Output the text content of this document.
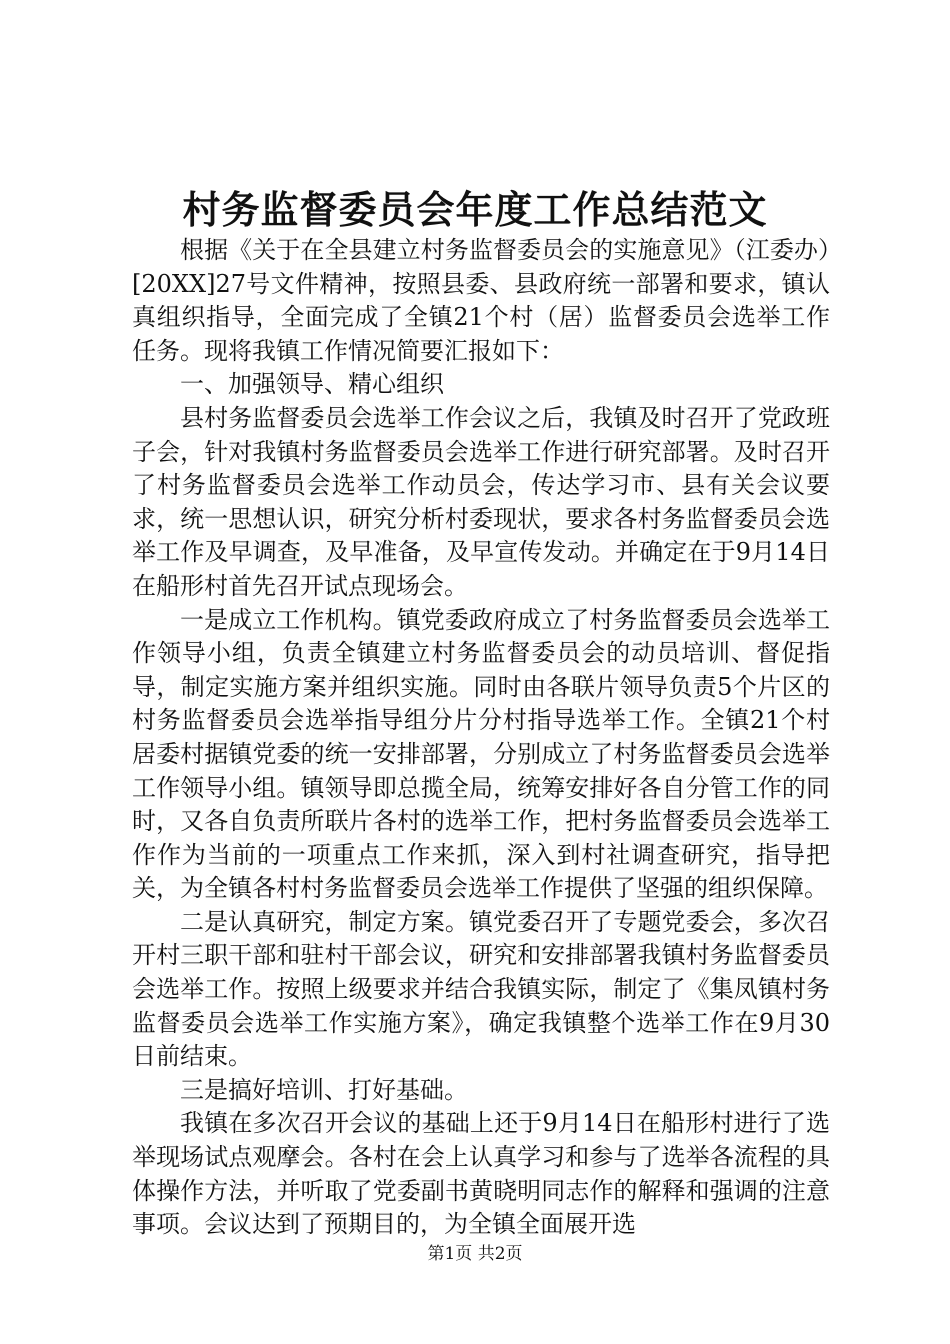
村务监督委员会年度工作总结范文

根据《关于在全县建立村务监督委员会的实施意见》（江委办）[20XX]27号文件精神，按照县委、县政府统一部署和要求，镇认真组织指导，全面完成了全镇21个村（居）监督委员会选举工作任务。现将我镇工作情况简要汇报如下：

一、加强领导、精心组织

县村务监督委员会选举工作会议之后，我镇及时召开了党政班子会，针对我镇村务监督委员会选举工作进行研究部署。及时召开了村务监督委员会选举工作动员会，传达学习市、县有关会议要求，统一思想认识，研究分析村委现状，要求各村务监督委员会选举工作及早调查，及早准备，及早宣传发动。并确定在于9月14日在船形村首先召开试点现场会。

一是成立工作机构。镇党委政府成立了村务监督委员会选举工作领导小组，负责全镇建立村务监督委员会的动员培训、督促指导，制定实施方案并组织实施。同时由各联片领导负责5个片区的村务监督委员会选举指导组分片分村指导选举工作。全镇21个村居委村据镇党委的统一安排部署，分别成立了村务监督委员会选举工作领导小组。镇领导即总揽全局，统筹安排好各自分管工作的同时，又各自负责所联片各村的选举工作，把村务监督委员会选举工作作为当前的一项重点工作来抓，深入到村社调查研究，指导把关，为全镇各村村务监督委员会选举工作提供了坚强的组织保障。

二是认真研究，制定方案。镇党委召开了专题党委会，多次召开村三职干部和驻村干部会议，研究和安排部署我镇村务监督委员会选举工作。按照上级要求并结合我镇实际，制定了《集凤镇村务监督委员会选举工作实施方案》，确定我镇整个选举工作在9月30日前结束。

三是搞好培训、打好基础。

我镇在多次召开会议的基础上还于9月14日在船形村进行了选举现场试点观摩会。各村在会上认真学习和参与了选举各流程的具体操作方法，并听取了党委副书黄晓明同志作的解释和强调的注意事项。会议达到了预期目的，为全镇全面展开选

第1页 共2页
